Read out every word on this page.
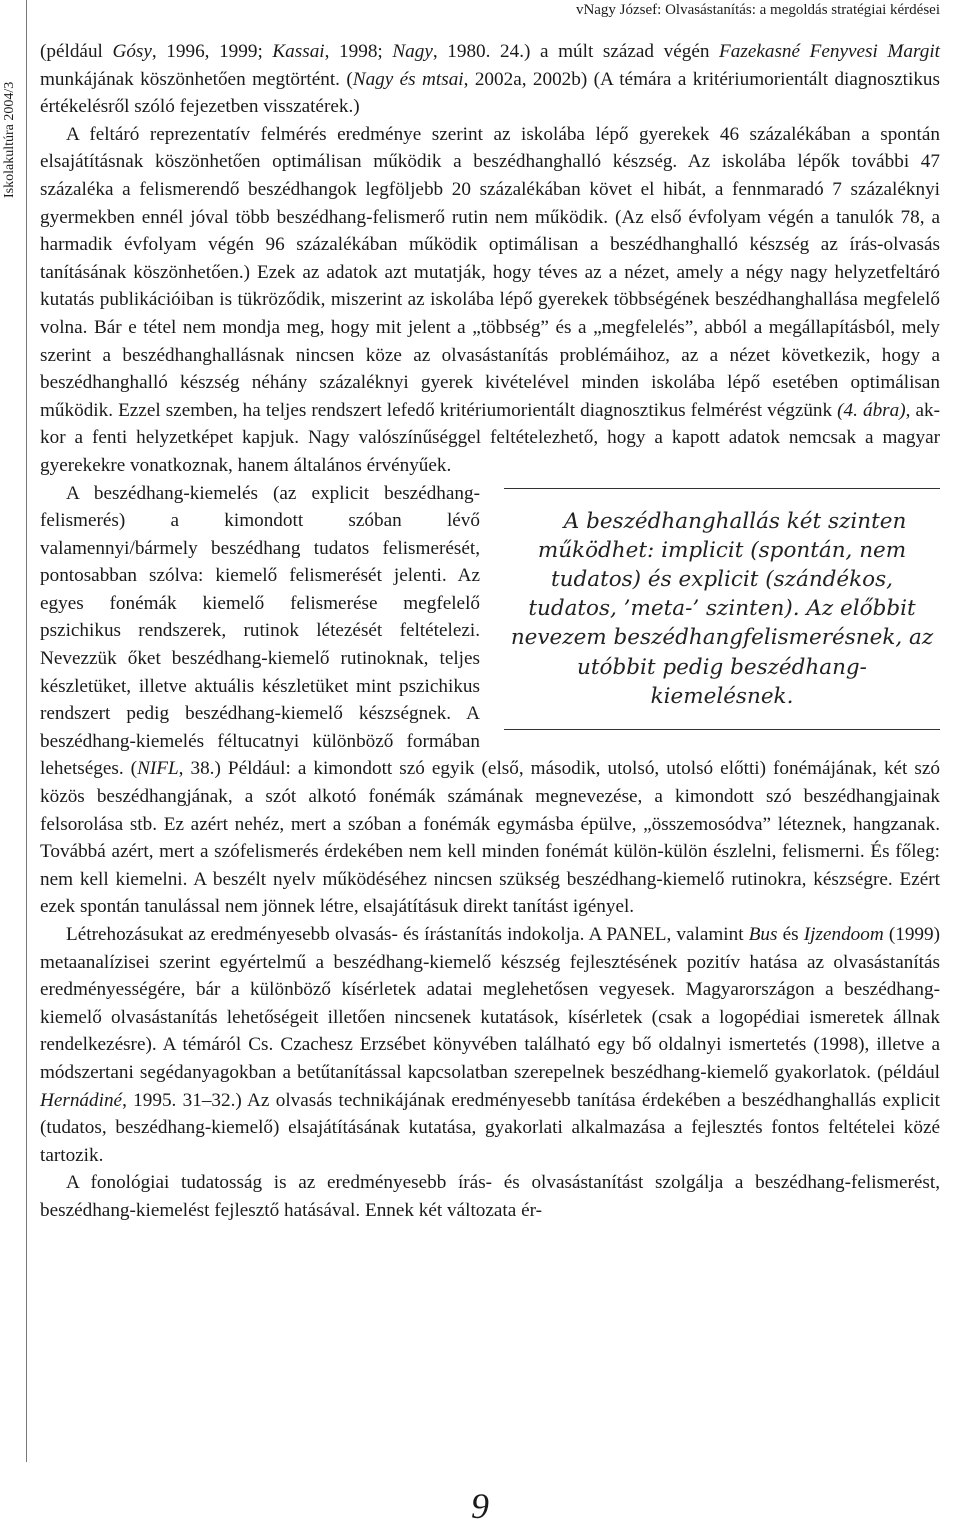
Iskolakultúra 2004/3
vNagy József: Olvasástanítás: a megoldás stratégiai kérdései

(például Gósy, 1996, 1999; Kassai, 1998; Nagy, 1980. 24.) a múlt század végén Fazekasné Fenyvesi Margit munkájának köszönhetően megtörtént. (Nagy és mtsai, 2002a, 2002b) (A témára a kritériumorientált diagnosztikus értékelésről szóló fejezetben visszatérek.)

A feltáró reprezentatív felmérés eredménye szerint az iskolába lépő gyerekek 46 százalékában a spontán elsajátításnak köszönhetően optimálisan működik a beszédhanghalló készség. Az iskolába lépők további 47 százaléka a felismerendő beszédhangok legföljebb 20 százalékában követ el hibát, a fennmaradó 7 százaléknyi gyermekben ennél jóval több beszédhang-felismerő rutin nem működik. (Az első évfolyam végén a tanulók 78, a harmadik évfolyam végén 96 százalékában működik optimálisan a beszédhanghalló készség az írás-olvasás tanításának köszönhetően.) Ezek az adatok azt mutatják, hogy téves az a nézet, amely a négy nagy helyzetfeltáró kutatás publikációiban is tükröződik, miszerint az iskolába lépő gyerekek többségének beszédhanghallása megfelelő volna. Bár e tétel nem mondja meg, hogy mit jelent a „többség” és a „megfelelés”, abból a megállapításból, mely szerint a beszédhanghallásnak nincsen köze az olvasástanítás problémáihoz, az a nézet következik, hogy a beszédhanghalló készség néhány százaléknyi gyerek kivételével minden iskolába lépő esetében optimálisan működik. Ezzel szemben, ha teljes rendszert lefedő kritériumorientált diagnosztikus felmérést végzünk (4. ábra), akkor a fenti helyzetképet kapjuk. Nagy valószínűséggel feltételezhető, hogy a kapott adatok nemcsak a magyar gyerekekre vonatkoznak, hanem általános érvényűek.

A beszédhanghallás két szinten működhet: implicit (spontán, nem tudatos) és explicit (szándékos, tudatos, ’meta-’ szinten). Az előbbit nevezem beszédhangfelismerésnek, az utóbbit pedig beszédhang-kiemelésnek.
A beszédhang-kiemelés (az explicit beszédhang-felismerés) a kimondott szóban lévő valamennyi/bármely beszédhang tudatos felismerését, pontosabban szólva: kiemelő felismerését jelenti. Az egyes fonémák kiemelő felismerése megfelelő pszichikus rendszerek, rutinok létezését feltételezi. Nevezzük őket beszédhang-kiemelő rutinoknak, teljes készletüket, illetve aktuális készletüket mint pszichikus rendszert pedig beszédhang-kiemelő készségnek. A beszédhang-kiemelés féltucatnyi különböző formában lehetséges. (NIFL, 38.) Például: a kimondott szó egyik (első, második, utolsó, utolsó előtti) fonémájának, két szó közös beszédhangjának, a szót alkotó fonémák számának megnevezése, a kimondott szó beszédhangjainak felsorolása stb. Ez azért nehéz, mert a szóban a fonémák egymásba épülve, „összemosódva” léteznek, hangzanak. Továbbá azért, mert a szófelismerés érdekében nem kell minden fonémát külön-külön észlelni, felismerni. És főleg: nem kell kiemelni. A beszélt nyelv működéséhez nincsen szükség beszédhang-kiemelő rutinokra, készségre. Ezért ezek spontán tanulással nem jönnek létre, elsajátításuk direkt tanítást igényel.

Létrehozásukat az eredményesebb olvasás- és írástanítás indokolja. A PANEL, valamint Bus és Ijzendoom (1999) metaanalízisei szerint egyértelmű a beszédhang-kiemelő készség fejlesztésének pozitív hatása az olvasástanítás eredményességére, bár a különböző kísérletek adatai meglehetősen vegyesek. Magyarországon a beszédhang-kiemelő olvasástanítás lehetőségeit illetően nincsenek kutatások, kísérletek (csak a logopédiai ismeretek állnak rendelkezésre). A témáról Cs. Czachesz Erzsébet könyvében található egy bő oldalnyi ismertetés (1998), illetve a módszertani segédanyagokban a betűtanítással kapcsolatban szerepelnek beszédhang-kiemelő gyakorlatok. (például Hernádiné, 1995. 31–32.) Az olvasás technikájának eredményesebb tanítása érdekében a beszédhanghallás explicit (tudatos, beszédhang-kiemelő) elsajátításának kutatása, gyakorlati alkalmazása a fejlesztés fontos feltételei közé tartozik.

A fonológiai tudatosság is az eredményesebb írás- és olvasástanítást szolgálja a beszédhang-felismerést, beszédhang-kiemelést fejlesztő hatásával. Ennek két változata ér-

9
